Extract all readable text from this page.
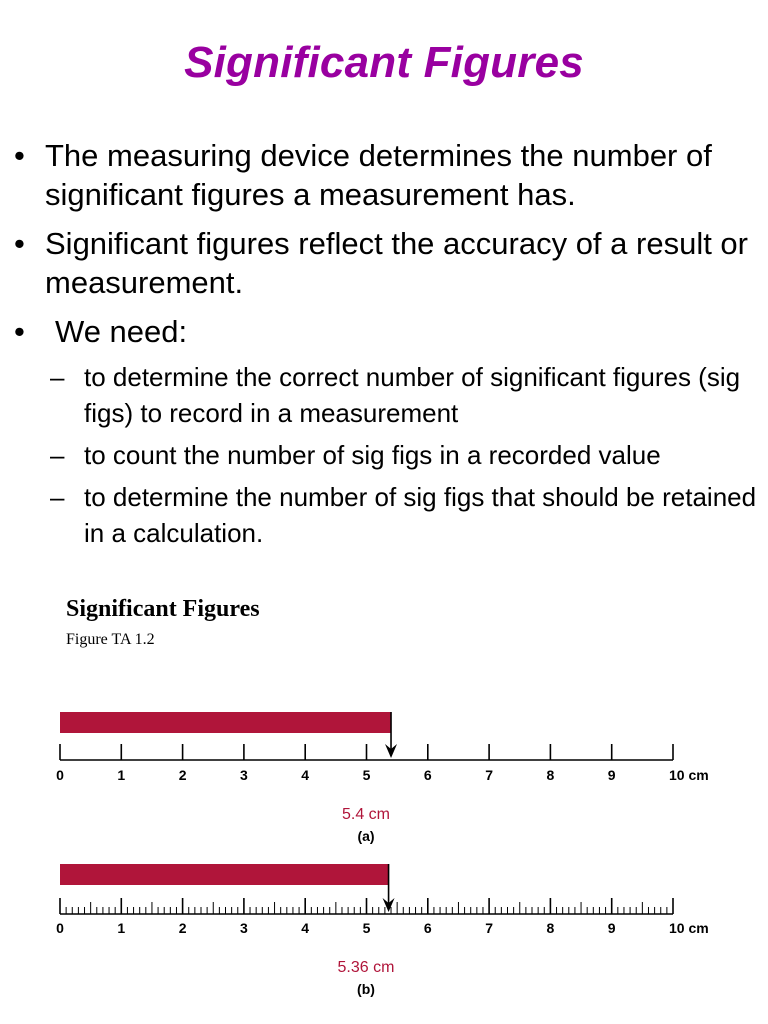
Significant Figures
• The measuring device determines the number of significant figures a measurement has.
• Significant figures reflect the accuracy of a result or measurement.
• We need:
– to determine the correct number of significant figures (sig figs) to record in a measurement
– to count the number of sig figs in a recorded value
– to determine the number of sig figs that should be retained in a calculation.
Significant Figures
Figure TA 1.2
0	1	2	3	4	5	6	7	8	9	10 cm
5.4 cm
(a)
0	1	2	3	4	5	6	7	8	9	10 cm
5.36 cm
(b)
